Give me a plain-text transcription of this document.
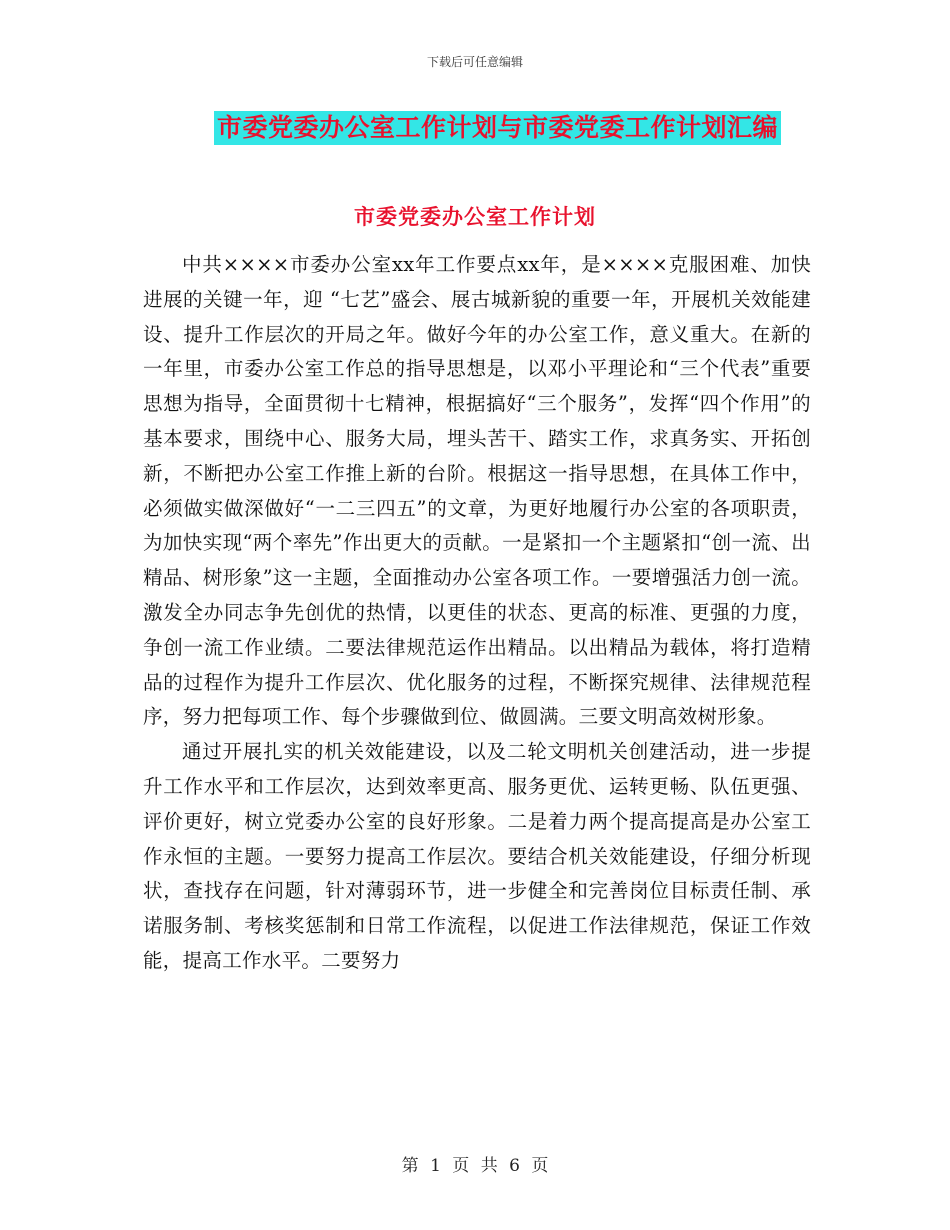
下载后可任意编辑
市委党委办公室工作计划与市委党委工作计划汇编
市委党委办公室工作计划

中共××××市委办公室xx年工作要点xx年，是××××克服困难、加快进展的关键一年，迎 “七艺”盛会、展古城新貌的重要一年，开展机关效能建设、提升工作层次的开局之年。做好今年的办公室工作，意义重大。在新的一年里，市委办公室工作总的指导思想是，以邓小平理论和“三个代表”重要思想为指导，全面贯彻十七精神，根据搞好“三个服务”，发挥“四个作用”的基本要求，围绕中心、服务大局，埋头苦干、踏实工作，求真务实、开拓创新，不断把办公室工作推上新的台阶。根据这一指导思想，在具体工作中，必须做实做深做好“一二三四五”的文章，为更好地履行办公室的各项职责，为加快实现“两个率先”作出更大的贡献。一是紧扣一个主题紧扣“创一流、出精品、树形象”这一主题，全面推动办公室各项工作。一要增强活力创一流。激发全办同志争先创优的热情，以更佳的状态、更高的标准、更强的力度，争创一流工作业绩。二要法律规范运作出精品。以出精品为载体，将打造精品的过程作为提升工作层次、优化服务的过程，不断探究规律、法律规范程序，努力把每项工作、每个步骤做到位、做圆满。三要文明高效树形象。

通过开展扎实的机关效能建设，以及二轮文明机关创建活动，进一步提升工作水平和工作层次，达到效率更高、服务更优、运转更畅、队伍更强、评价更好，树立党委办公室的良好形象。二是着力两个提高提高是办公室工作永恒的主题。一要努力提高工作层次。要结合机关效能建设，仔细分析现状，查找存在问题，针对薄弱环节，进一步健全和完善岗位目标责任制、承诺服务制、考核奖惩制和日常工作流程，以促进工作法律规范，保证工作效能，提高工作水平。二要努力

第 1 页 共 6 页
